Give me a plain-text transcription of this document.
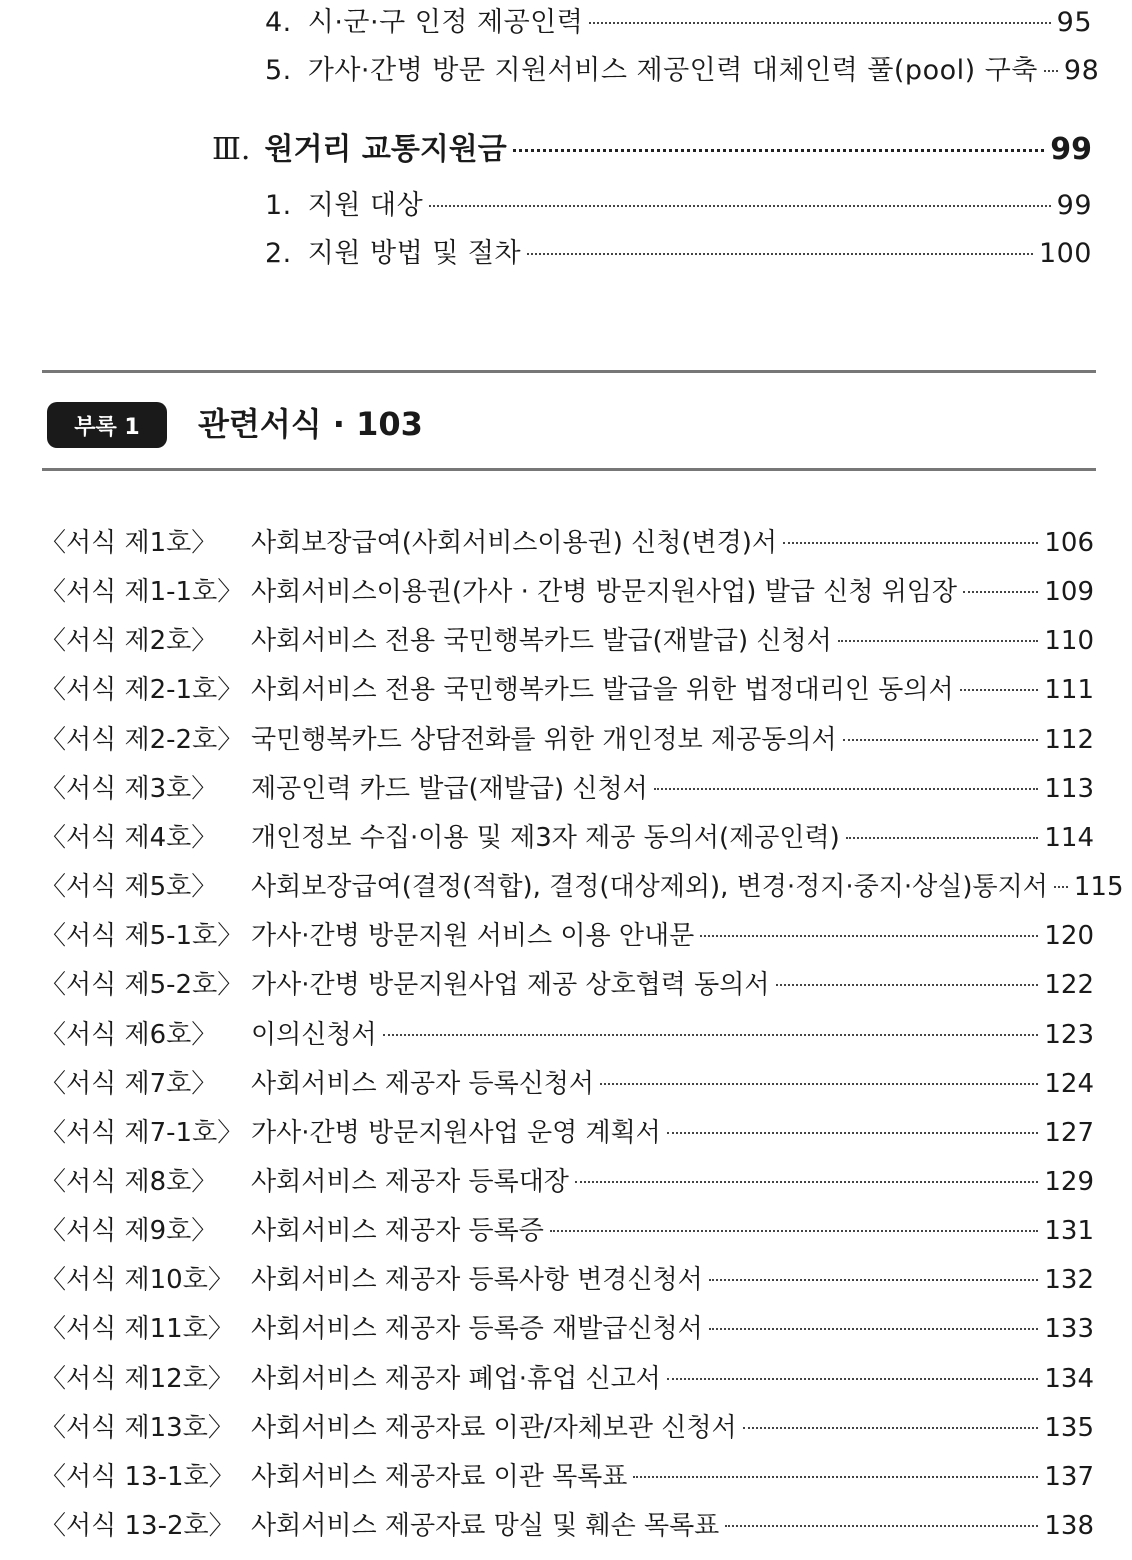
4. 시·군·구 인정 제공인력	95
5. 가사·간병 방문 지원서비스 제공인력 대체인력 풀(pool) 구축 98
Ⅲ. 원거리 교통지원금	99
1. 지원 대상	99
2. 지원 방법 및 절차	100
부록 1	관련서식 · 103
〈서식 제1호〉	사회보장급여(사회서비스이용권) 신청(변경)서	106
〈서식 제1-1호〉 사회서비스이용권(가사 · 간병 방문지원사업) 발급 신청 위임장	109
〈서식 제2호〉	사회서비스 전용 국민행복카드 발급(재발급) 신청서	110
〈서식 제2-1호〉 사회서비스 전용 국민행복카드 발급을 위한 법정대리인 동의서	111
〈서식 제2-2호〉 국민행복카드 상담전화를 위한 개인정보 제공동의서	112
〈서식 제3호〉	제공인력 카드 발급(재발급) 신청서	113
〈서식 제4호〉	개인정보 수집·이용 및 제3자 제공 동의서(제공인력)	114
〈서식 제5호〉	사회보장급여(결정(적합), 결정(대상제외), 변경·정지·중지·상실)통지서 115
〈서식 제5-1호〉 가사·간병 방문지원 서비스 이용 안내문	120
〈서식 제5-2호〉 가사·간병 방문지원사업 제공 상호협력 동의서	122
〈서식 제6호〉	이의신청서	123
〈서식 제7호〉	사회서비스 제공자 등록신청서	124
〈서식 제7-1호〉 가사·간병 방문지원사업 운영 계획서	127
〈서식 제8호〉	사회서비스 제공자 등록대장	129
〈서식 제9호〉	사회서비스 제공자 등록증	131
〈서식 제10호〉 사회서비스 제공자 등록사항 변경신청서	132
〈서식 제11호〉 사회서비스 제공자 등록증 재발급신청서	133
〈서식 제12호〉 사회서비스 제공자 폐업·휴업 신고서	134
〈서식 제13호〉 사회서비스 제공자료 이관/자체보관 신청서	135
〈서식 13-1호〉 사회서비스 제공자료 이관 목록표	137
〈서식 13-2호〉 사회서비스 제공자료 망실 및 훼손 목록표	138
